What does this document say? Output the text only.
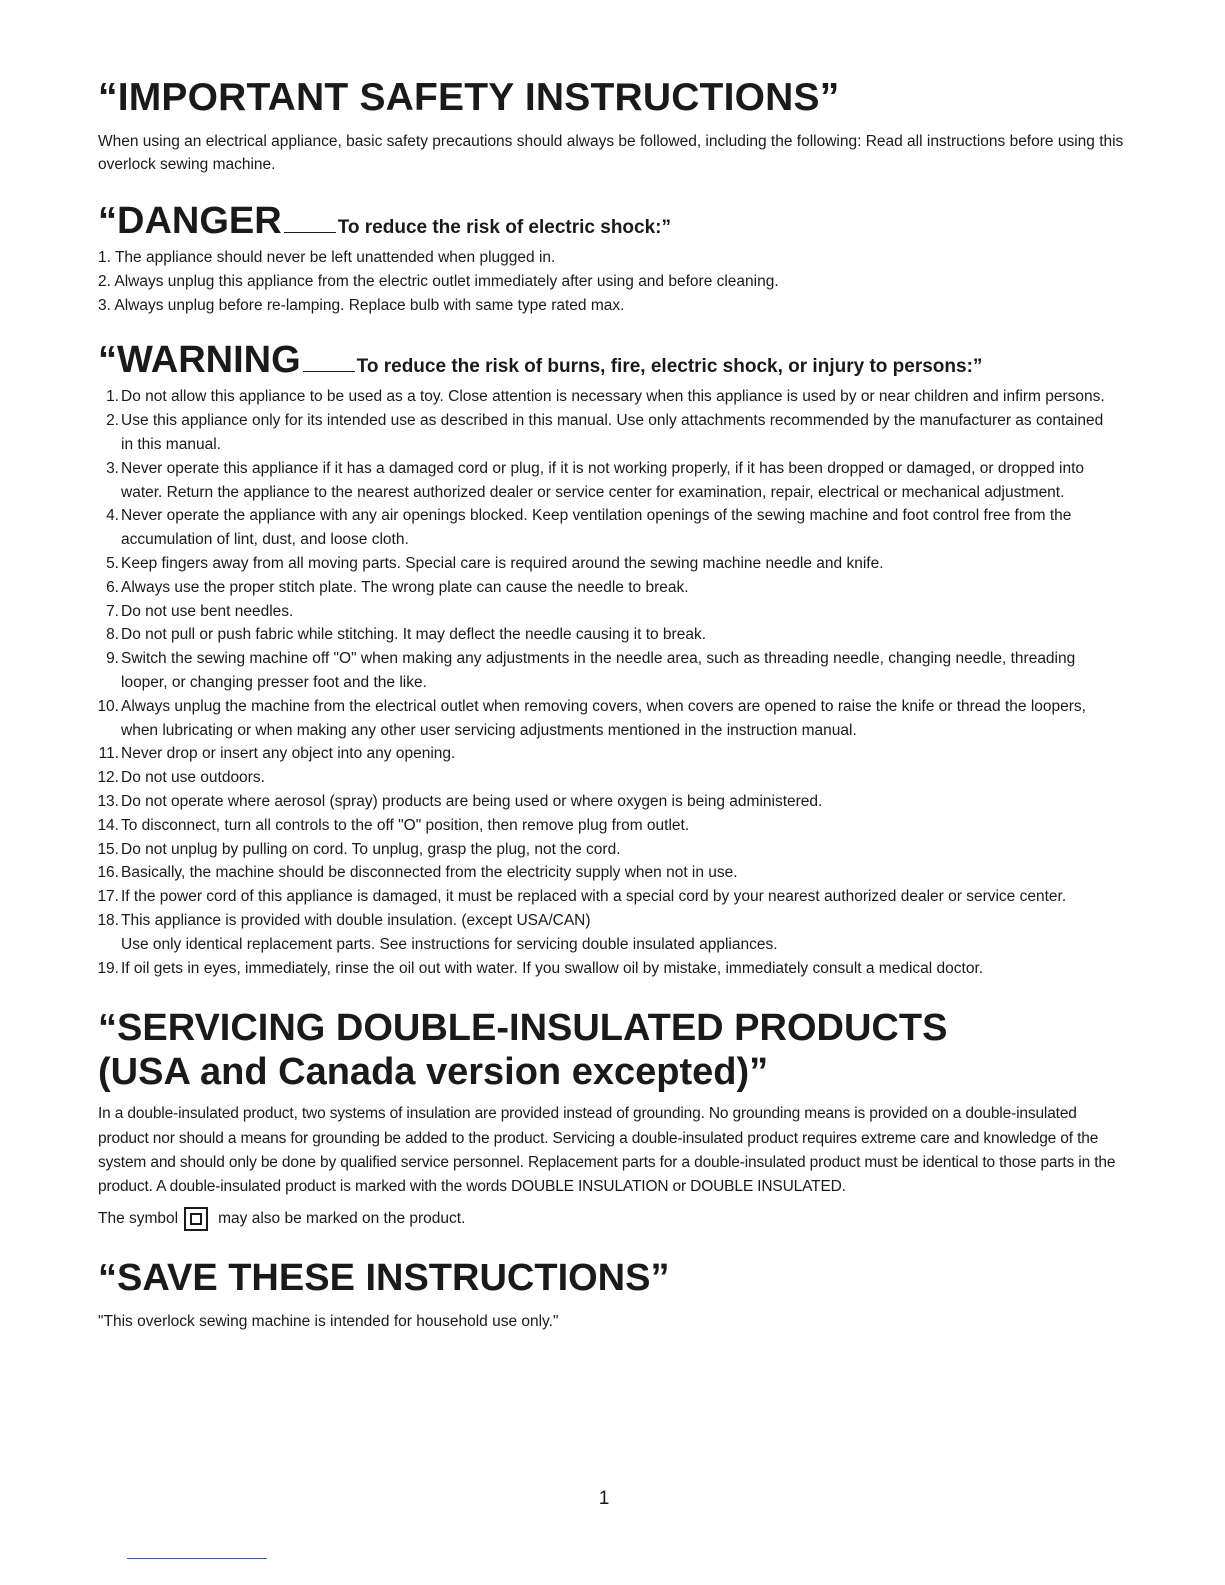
“IMPORTANT SAFETY INSTRUCTIONS”

When using an electrical appliance, basic safety precautions should always be followed, including the following: Read all instructions before using this overlock sewing machine.

“DANGER	To reduce the risk of electric shock:”
1. The appliance should never be left unattended when plugged in.
2. Always unplug this appliance from the electric outlet immediately after using and before cleaning.
3. Always unplug before re-lamping. Replace bulb with same type rated max.
“WARNING	To reduce the risk of burns, fire, electric shock, or injury to persons:”
1. Do not allow this appliance to be used as a toy. Close attention is necessary when this appliance is used by or near children and infirm persons.
2. Use this appliance only for its intended use as described in this manual. Use only attachments recommended by the manufacturer as contained in this manual.
3. Never operate this appliance if it has a damaged cord or plug, if it is not working properly, if it has been dropped or damaged, or dropped into water. Return the appliance to the nearest authorized dealer or service center for examination, repair, electrical or mechanical adjustment.
4. Never operate the appliance with any air openings blocked. Keep ventilation openings of the sewing machine and foot control free from the accumulation of lint, dust, and loose cloth.
5. Keep fingers away from all moving parts. Special care is required around the sewing machine needle and knife.
6. Always use the proper stitch plate. The wrong plate can cause the needle to break.
7. Do not use bent needles.
8. Do not pull or push fabric while stitching. It may deflect the needle causing it to break.
9. Switch the sewing machine off "O" when making any adjustments in the needle area, such as threading needle, changing needle, threading looper, or changing presser foot and the like.
10. Always unplug the machine from the electrical outlet when removing covers, when covers are opened to raise the knife or thread the loopers, when lubricating or when making any other user servicing adjustments mentioned in the instruction manual.
11. Never drop or insert any object into any opening.
12. Do not use outdoors.
13. Do not operate where aerosol (spray) products are being used or where oxygen is being administered.
14. To disconnect, turn all controls to the off "O" position, then remove plug from outlet.
15. Do not unplug by pulling on cord. To unplug, grasp the plug, not the cord.
16. Basically, the machine should be disconnected from the electricity supply when not in use.
17. If the power cord of this appliance is damaged, it must be replaced with a special cord by your nearest authorized dealer or service center.
18. This appliance is provided with double insulation. (except USA/CAN)
Use only identical replacement parts. See instructions for servicing double insulated appliances.
19. If oil gets in eyes, immediately, rinse the oil out with water. If you swallow oil by mistake, immediately consult a medical doctor.
“SERVICING DOUBLE-INSULATED PRODUCTS
(USA and Canada version excepted)”

In a double-insulated product, two systems of insulation are provided instead of grounding. No grounding means is provided on a double-insulated product nor should a means for grounding be added to the product. Servicing a double-insulated product requires extreme care and knowledge of the system and should only be done by qualified service personnel. Replacement parts for a double-insulated product must be identical to those parts in the product. A double-insulated product is marked with the words DOUBLE INSULATION or DOUBLE INSULATED.

The symbol	may also be marked on the product.

“SAVE THESE INSTRUCTIONS”

"This overlock sewing machine is intended for household use only."

1
